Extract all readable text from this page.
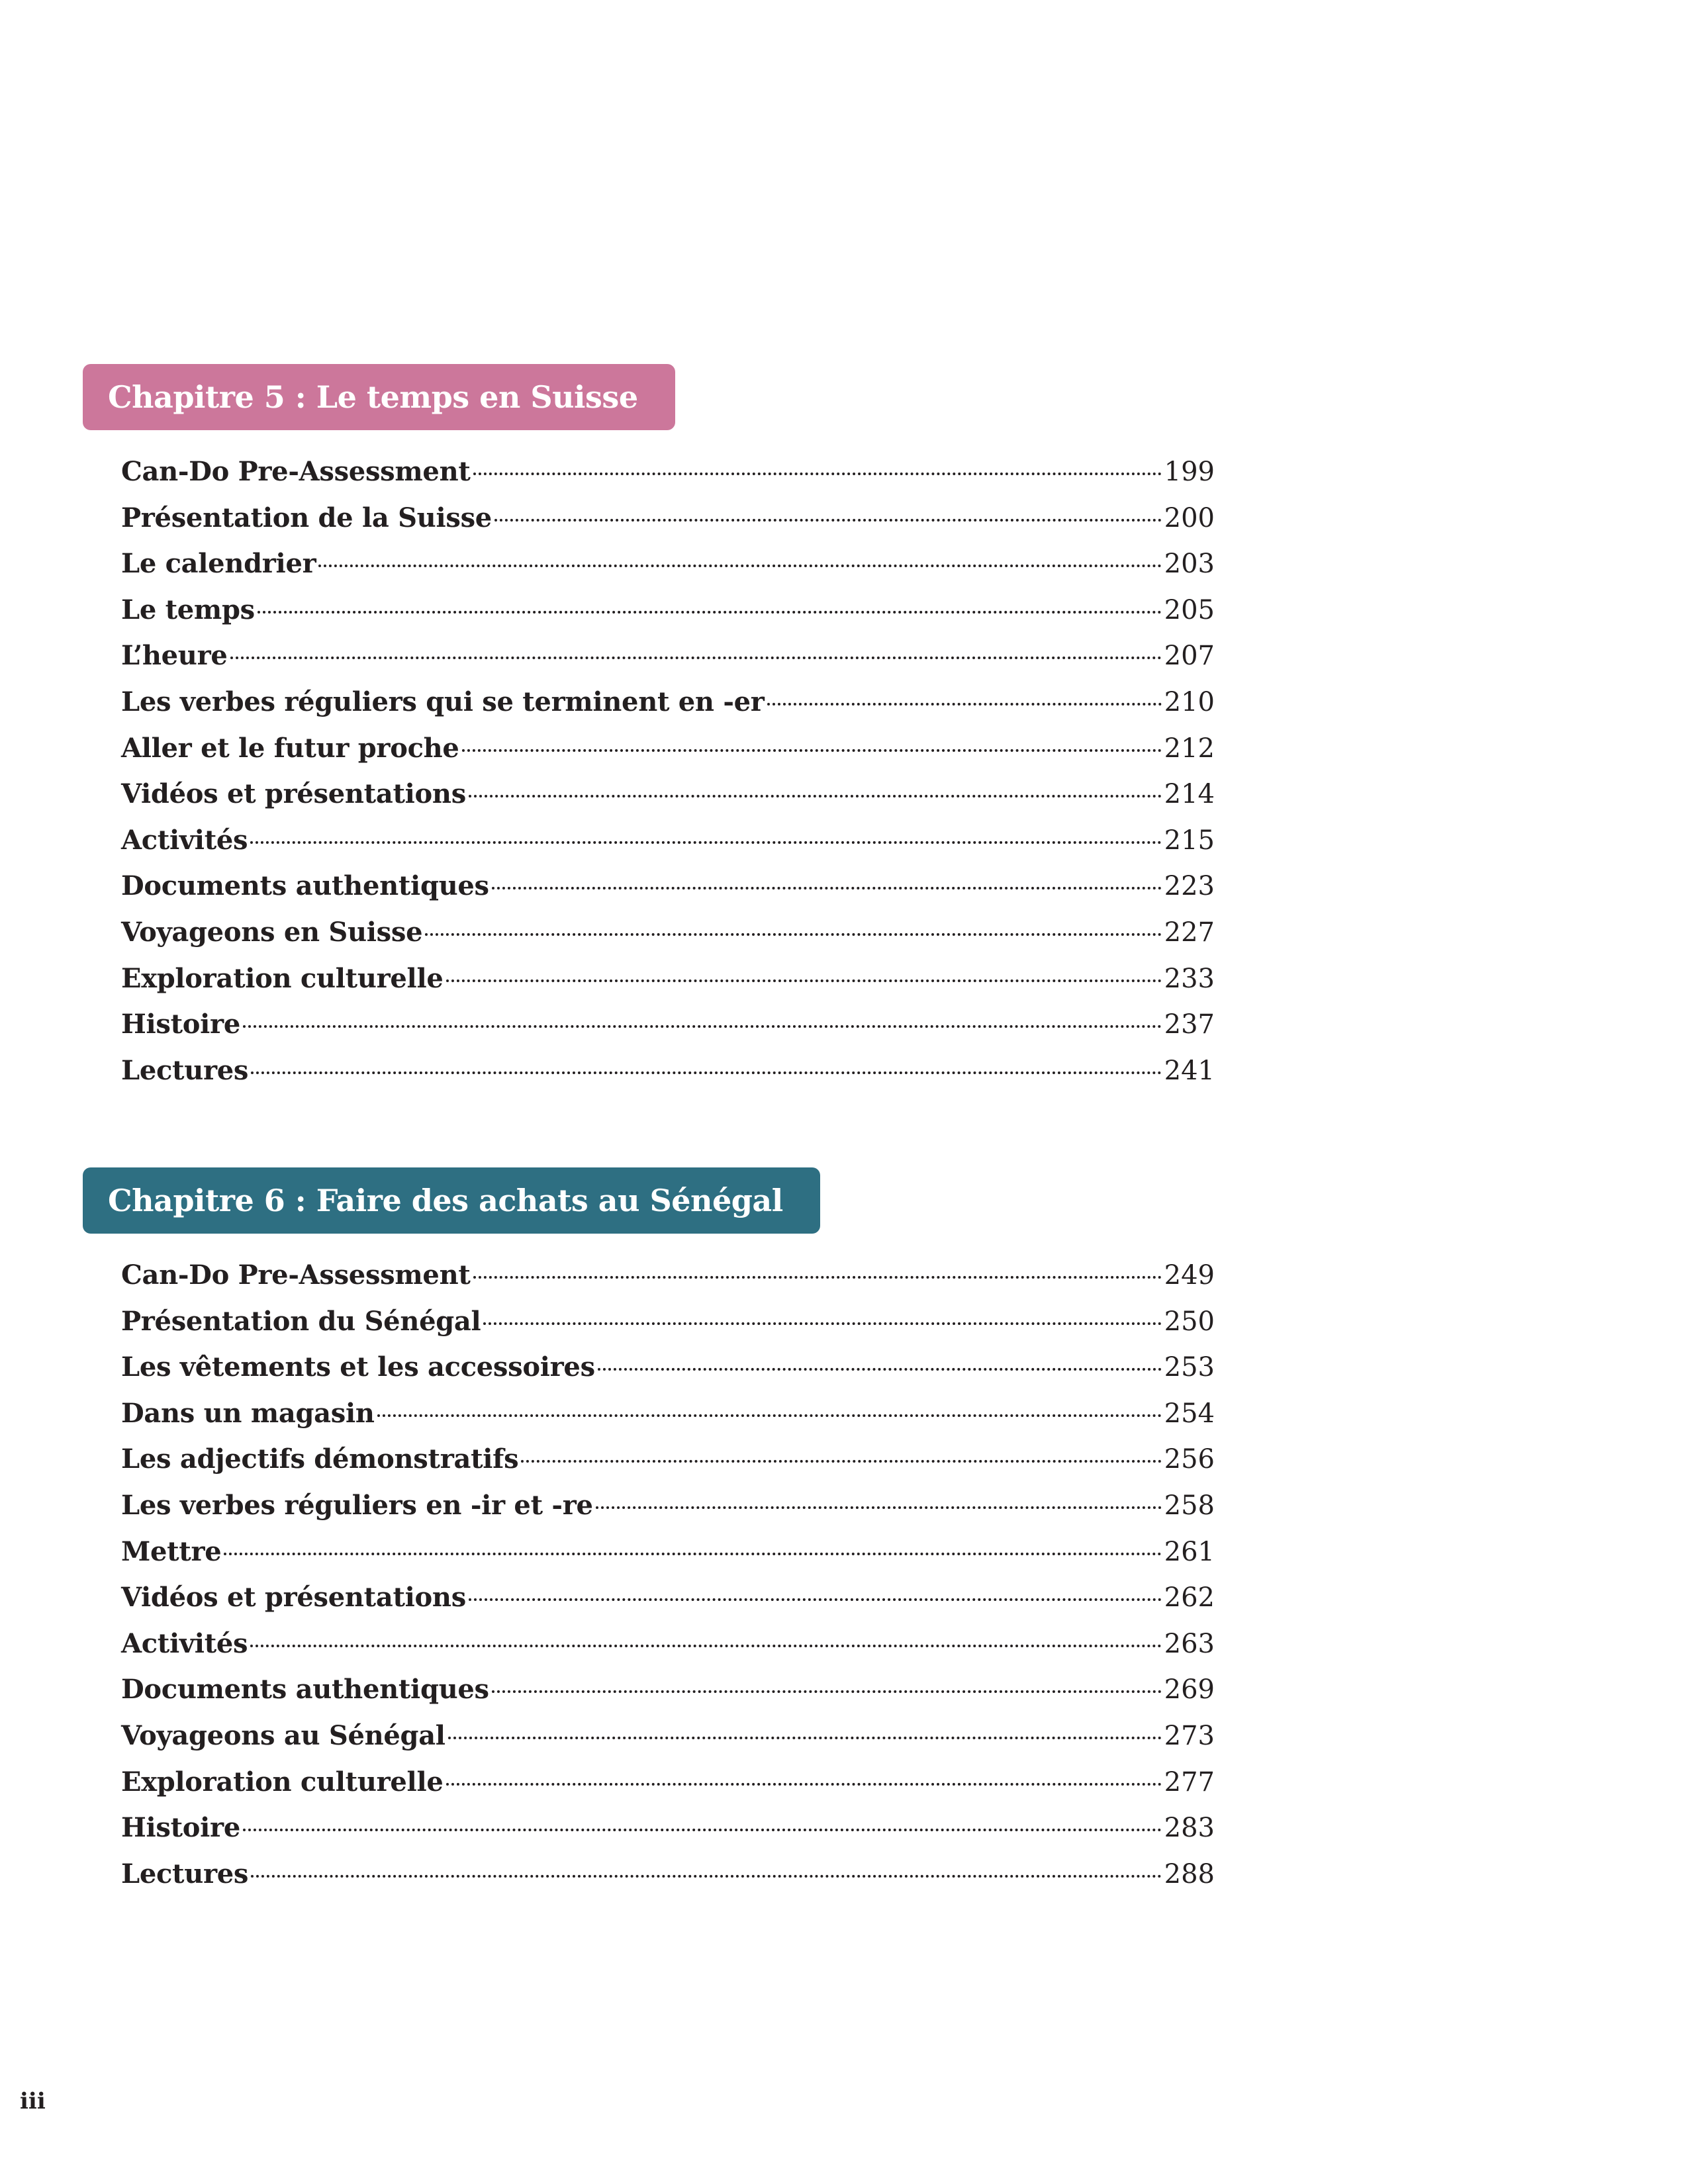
Chapitre 5 : Le temps en Suisse
Can-Do Pre-Assessment	199
Présentation de la Suisse	200
Le calendrier	203
Le temps	205
L’heure	207
Les verbes réguliers qui se terminent en -er	210
Aller et le futur proche	212
Vidéos et présentations	214
Activités	215
Documents authentiques	223
Voyageons en Suisse	227
Exploration culturelle	233
Histoire	237
Lectures	241
Chapitre 6 : Faire des achats au Sénégal
Can-Do Pre-Assessment	249
Présentation du Sénégal	250
Les vêtements et les accessoires	253
Dans un magasin	254
Les adjectifs démonstratifs	256
Les verbes réguliers en -ir et -re	258
Mettre	261
Vidéos et présentations	262
Activités	263
Documents authentiques	269
Voyageons au Sénégal	273
Exploration culturelle	277
Histoire	283
Lectures	288
iii
